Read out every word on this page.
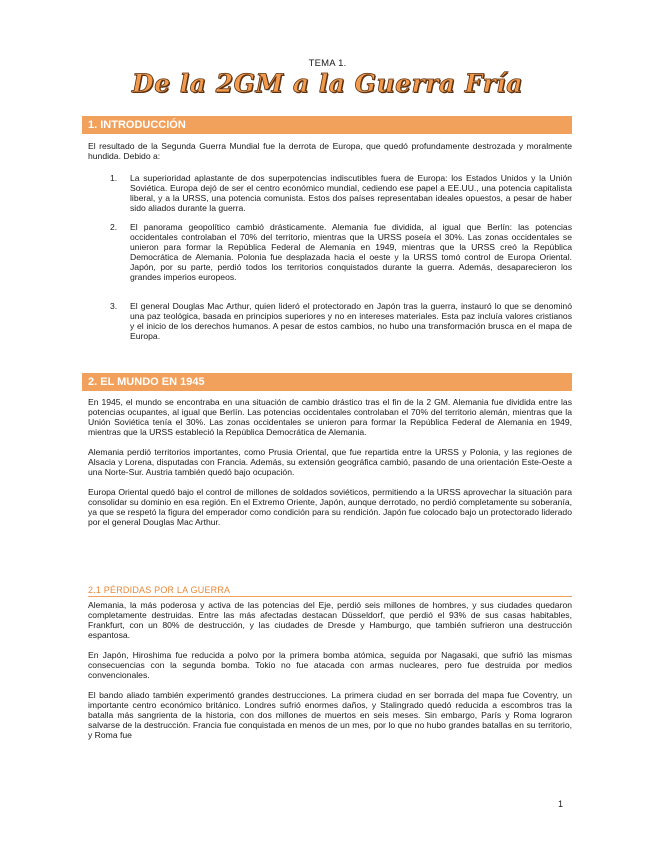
TEMA 1.
De la 2GM a la Guerra Fría
1. INTRODUCCIÓN

El resultado de la Segunda Guerra Mundial fue la derrota de Europa, que quedó profundamente destrozada y moralmente hundida. Debido a:

1. La superioridad aplastante de dos superpotencias indiscutibles fuera de Europa: los Estados Unidos y la Unión Soviética. Europa dejó de ser el centro económico mundial, cediendo ese papel a EE.UU., una potencia capitalista liberal, y a la URSS, una potencia comunista. Estos dos países representaban ideales opuestos, a pesar de haber sido aliados durante la guerra.

2. El panorama geopolítico cambió drásticamente. Alemania fue dividida, al igual que Berlín: las potencias occidentales controlaban el 70% del territorio, mientras que la URSS poseía el 30%. Las zonas occidentales se unieron para formar la República Federal de Alemania en 1949, mientras que la URSS creó la República Democrática de Alemania. Polonia fue desplazada hacia el oeste y la URSS tomó control de Europa Oriental. Japón, por su parte, perdió todos los territorios conquistados durante la guerra. Además, desaparecieron los grandes imperios europeos.

3. El general Douglas Mac Arthur, quien lideró el protectorado en Japón tras la guerra, instauró lo que se denominó una paz teológica, basada en principios superiores y no en intereses materiales. Esta paz incluía valores cristianos y el inicio de los derechos humanos. A pesar de estos cambios, no hubo una transformación brusca en el mapa de Europa.

2. EL MUNDO EN 1945

En 1945, el mundo se encontraba en una situación de cambio drástico tras el fin de la 2 GM. Alemania fue dividida entre las potencias ocupantes, al igual que Berlín. Las potencias occidentales controlaban el 70% del territorio alemán, mientras que la Unión Soviética tenía el 30%. Las zonas occidentales se unieron para formar la República Federal de Alemania en 1949, mientras que la URSS estableció la República Democrática de Alemania.

Alemania perdió territorios importantes, como Prusia Oriental, que fue repartida entre la URSS y Polonia, y las regiones de Alsacia y Lorena, disputadas con Francia. Además, su extensión geográfica cambió, pasando de una orientación Este-Oeste a una Norte-Sur. Austria también quedó bajo ocupación.

Europa Oriental quedó bajo el control de millones de soldados soviéticos, permitiendo a la URSS aprovechar la situación para consolidar su dominio en esa región. En el Extremo Oriente, Japón, aunque derrotado, no perdió completamente su soberanía, ya que se respetó la figura del emperador como condición para su rendición. Japón fue colocado bajo un protectorado liderado por el general Douglas Mac Arthur.

2.1 PÉRDIDAS POR LA GUERRA

Alemania, la más poderosa y activa de las potencias del Eje, perdió seis millones de hombres, y sus ciudades quedaron completamente destruidas. Entre las más afectadas destacan Düsseldorf, que perdió el 93% de sus casas habitables, Frankfurt, con un 80% de destrucción, y las ciudades de Dresde y Hamburgo, que también sufrieron una destrucción espantosa.

En Japón, Hiroshima fue reducida a polvo por la primera bomba atómica, seguida por Nagasaki, que sufrió las mismas consecuencias con la segunda bomba. Tokio no fue atacada con armas nucleares, pero fue destruida por medios convencionales.

El bando aliado también experimentó grandes destrucciones. La primera ciudad en ser borrada del mapa fue Coventry, un importante centro económico británico. Londres sufrió enormes daños, y Stalingrado quedó reducida a escombros tras la batalla más sangrienta de la historia, con dos millones de muertos en seis meses. Sin embargo, París y Roma lograron salvarse de la destrucción. Francia fue conquistada en menos de un mes, por lo que no hubo grandes batallas en su territorio, y Roma fue

1
